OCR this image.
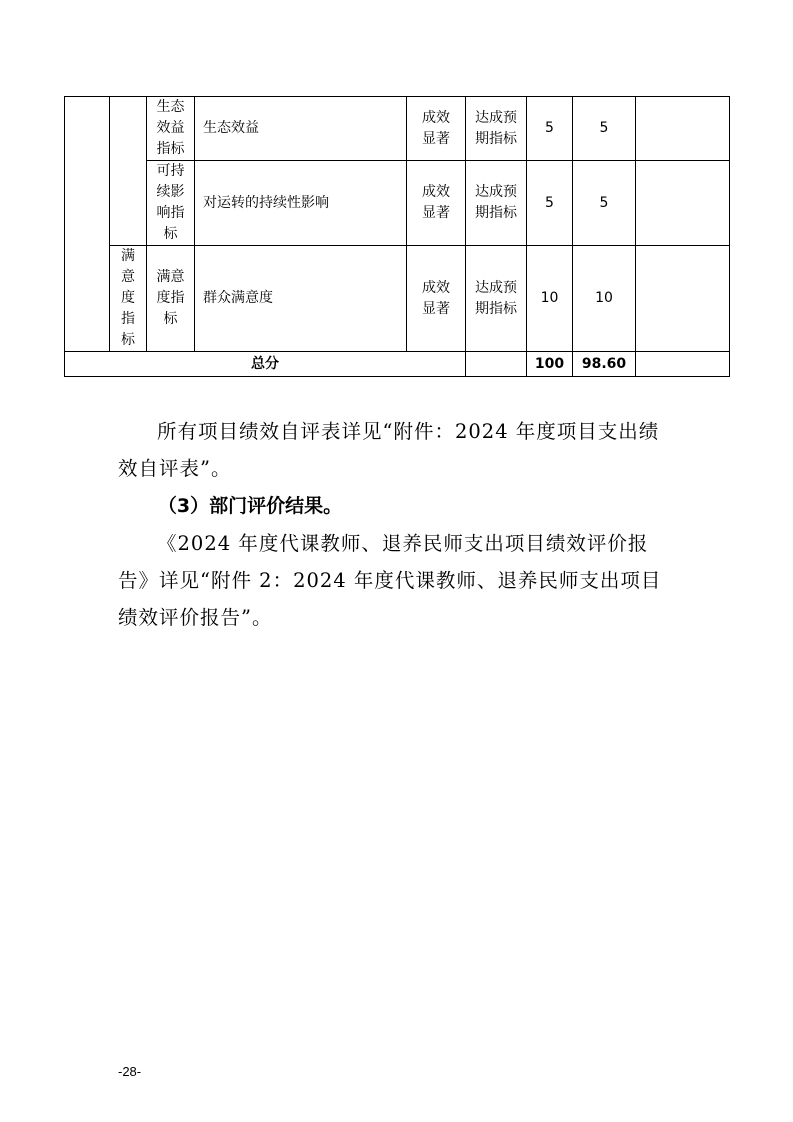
		生态效益指标	生态效益	成效显著	达成预期指标	5	5	

		可持续影响指标	对运转的持续性影响	成效显著	达成预期指标	5	5	

	满意度指标	满意度指标	群众满意度	成效显著	达成预期指标	10	10	
总分						100	98.60	

所有项目绩效自评表详见“附件：2024 年度项目支出绩效自评表”。

（3）部门评价结果。

《2024 年度代课教师、退养民师支出项目绩效评价报告》详见“附件 2：2024 年度代课教师、退养民师支出项目绩效评价报告”。

-28-
